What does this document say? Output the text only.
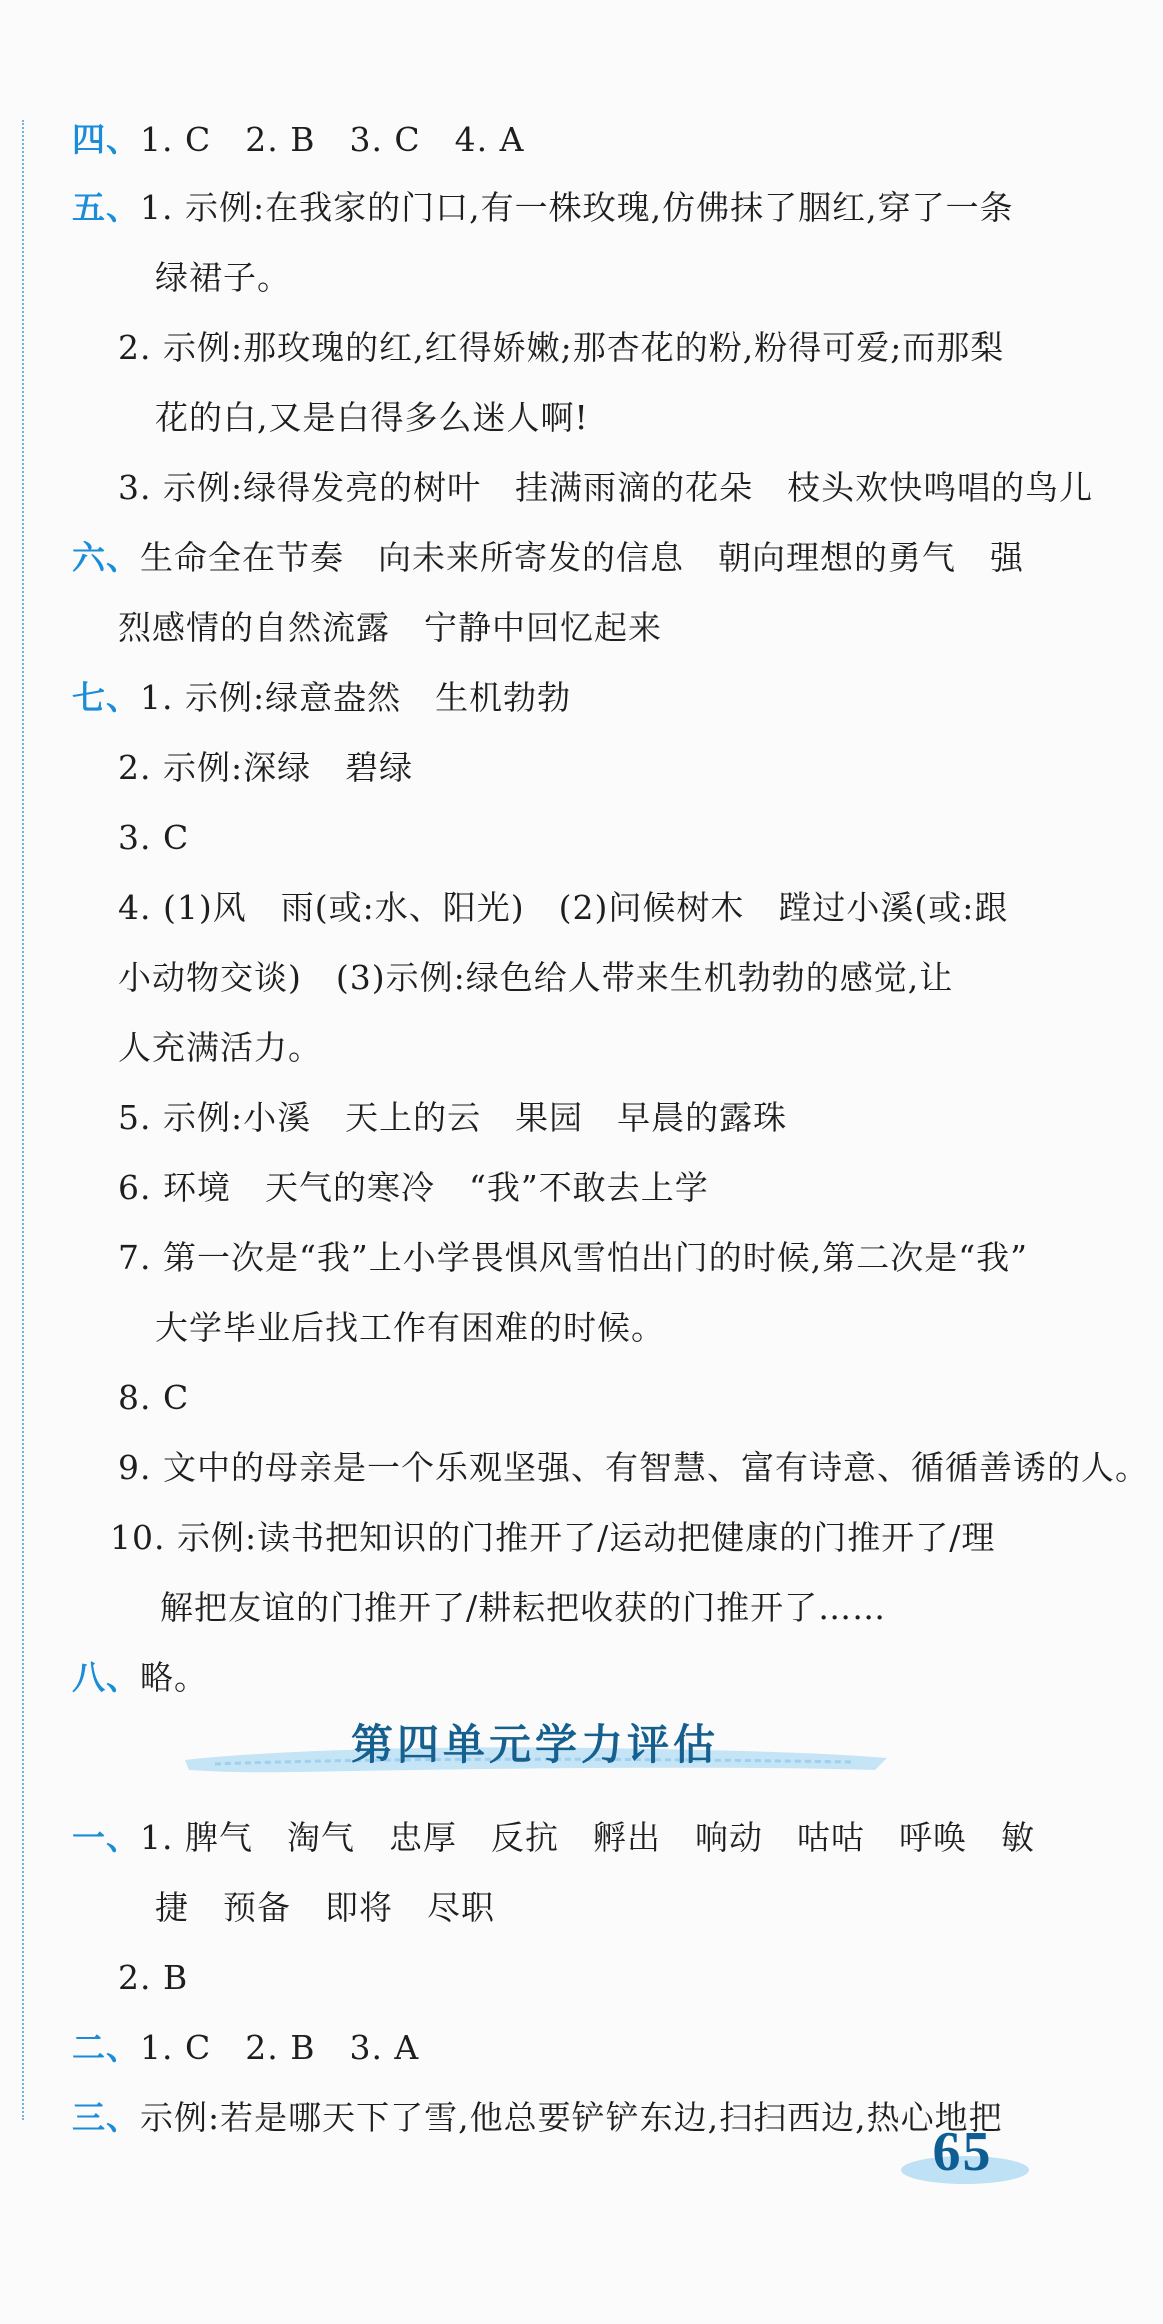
四、1. C　2. B　3. C　4. A
五、1. 示例:在我家的门口,有一株玫瑰,仿佛抹了胭红,穿了一条
绿裙子。
2. 示例:那玫瑰的红,红得娇嫩;那杏花的粉,粉得可爱;而那梨
花的白,又是白得多么迷人啊!
3. 示例:绿得发亮的树叶　挂满雨滴的花朵　枝头欢快鸣唱的鸟儿
六、生命全在节奏　向未来所寄发的信息　朝向理想的勇气　强
烈感情的自然流露　宁静中回忆起来
七、1. 示例:绿意盎然　生机勃勃
2. 示例:深绿　碧绿
3. C
4. (1)风　雨(或:水、阳光)　(2)问候树木　蹚过小溪(或:跟
小动物交谈)　(3)示例:绿色给人带来生机勃勃的感觉,让
人充满活力。
5. 示例:小溪　天上的云　果园　早晨的露珠
6. 环境　天气的寒冷　“我”不敢去上学
7. 第一次是“我”上小学畏惧风雪怕出门的时候,第二次是“我”
大学毕业后找工作有困难的时候。
8. C
9. 文中的母亲是一个乐观坚强、有智慧、富有诗意、循循善诱的人。
10. 示例:读书把知识的门推开了/运动把健康的门推开了/理
解把友谊的门推开了/耕耘把收获的门推开了……
八、略。
第四单元学力评估
一、1. 脾气　淘气　忠厚　反抗　孵出　响动　咕咕　呼唤　敏
捷　预备　即将　尽职
2. B
二、1. C　2. B　3. A
三、示例:若是哪天下了雪,他总要铲铲东边,扫扫西边,热心地把
65
